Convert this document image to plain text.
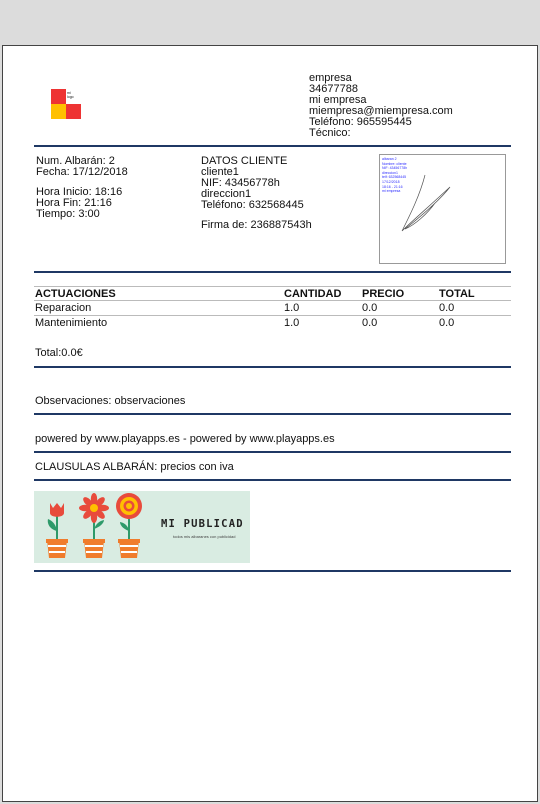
mi
logo
empresa
34677788
mi empresa
miempresa@miempresa.com
Teléfono: 965595445
Técnico:
Num. Albarán: 2
Fecha: 17/12/2018
Hora Inicio: 18:16
Hora Fin: 21:16
Tiempo: 3:00
DATOS CLIENTE
cliente1
NIF: 43456778h
direccion1
Teléfono: 632568445
Firma de: 236887543h
albaran 2
Nombre: cliente
NIF: 43456778h
direccion1
telf: 632568445
17/12/2018
18:16 - 21:16
mi empresa
ACTUACIONES	CANTIDAD PRECIO	TOTAL
Reparacion	1.0	0.0	0.0
Mantenimiento	1.0	0.0	0.0
Total:0.0€
Observaciones: observaciones
powered by www.playapps.es - powered by www.playapps.es
CLAUSULAS ALBARÁN: precios con iva
MI PUBLICAD
todos mis albaranes con publicidad
